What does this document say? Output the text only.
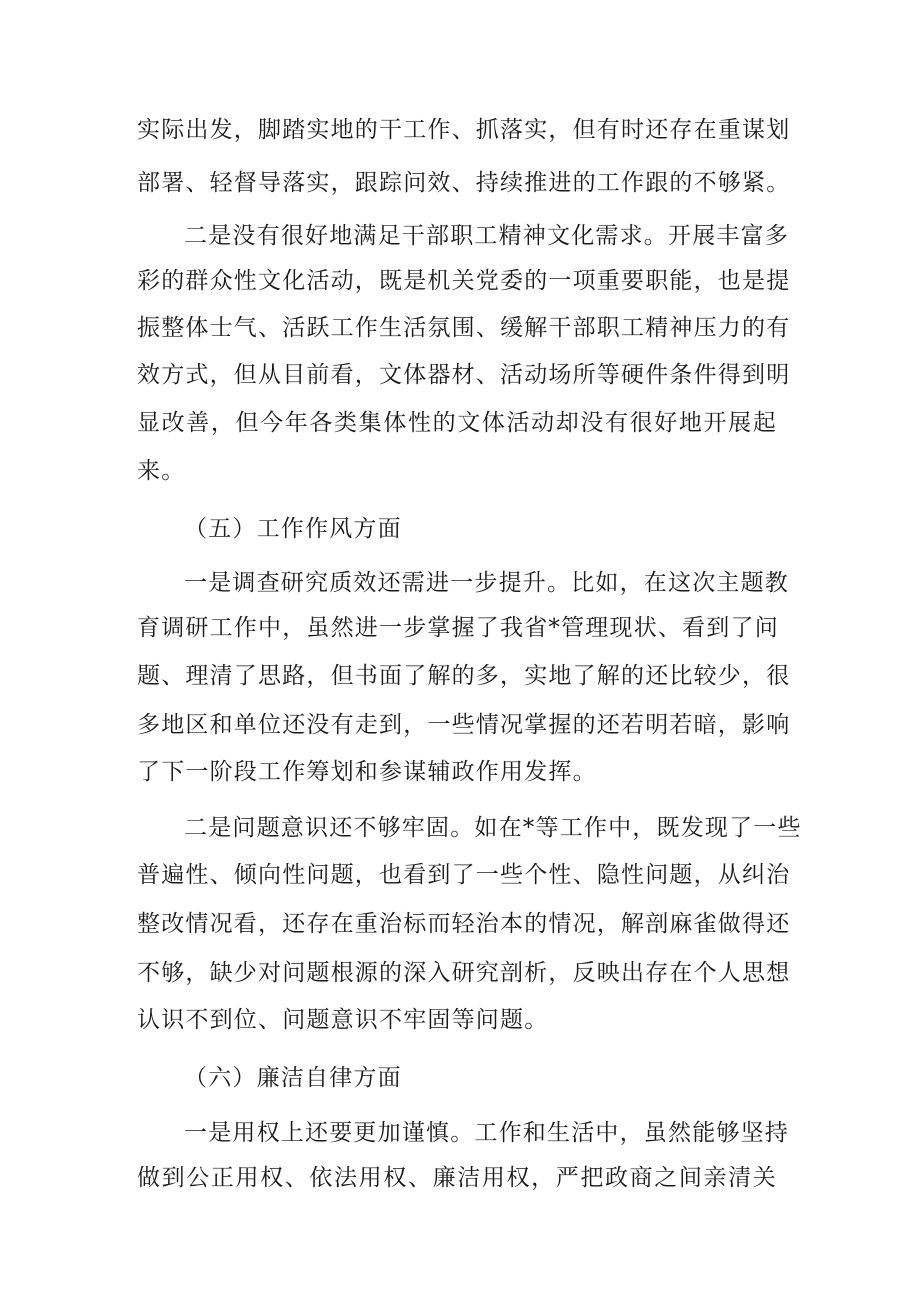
实际出发，脚踏实地的干工作、抓落实，但有时还存在重谋划
部署、轻督导落实，跟踪问效、持续推进的工作跟的不够紧。
二是没有很好地满足干部职工精神文化需求。开展丰富多
彩的群众性文化活动，既是机关党委的一项重要职能，也是提
振整体士气、活跃工作生活氛围、缓解干部职工精神压力的有
效方式，但从目前看，文体器材、活动场所等硬件条件得到明
显改善，但今年各类集体性的文体活动却没有很好地开展起
来。
（五）工作作风方面
一是调查研究质效还需进一步提升。比如，在这次主题教
育调研工作中，虽然进一步掌握了我省*管理现状、看到了问
题、理清了思路，但书面了解的多，实地了解的还比较少，很
多地区和单位还没有走到，一些情况掌握的还若明若暗，影响
了下一阶段工作筹划和参谋辅政作用发挥。
二是问题意识还不够牢固。如在*等工作中，既发现了一些
普遍性、倾向性问题，也看到了一些个性、隐性问题，从纠治
整改情况看，还存在重治标而轻治本的情况，解剖麻雀做得还
不够，缺少对问题根源的深入研究剖析，反映出存在个人思想
认识不到位、问题意识不牢固等问题。
（六）廉洁自律方面
一是用权上还要更加谨慎。工作和生活中，虽然能够坚持
做到公正用权、依法用权、廉洁用权，严把政商之间亲清关
